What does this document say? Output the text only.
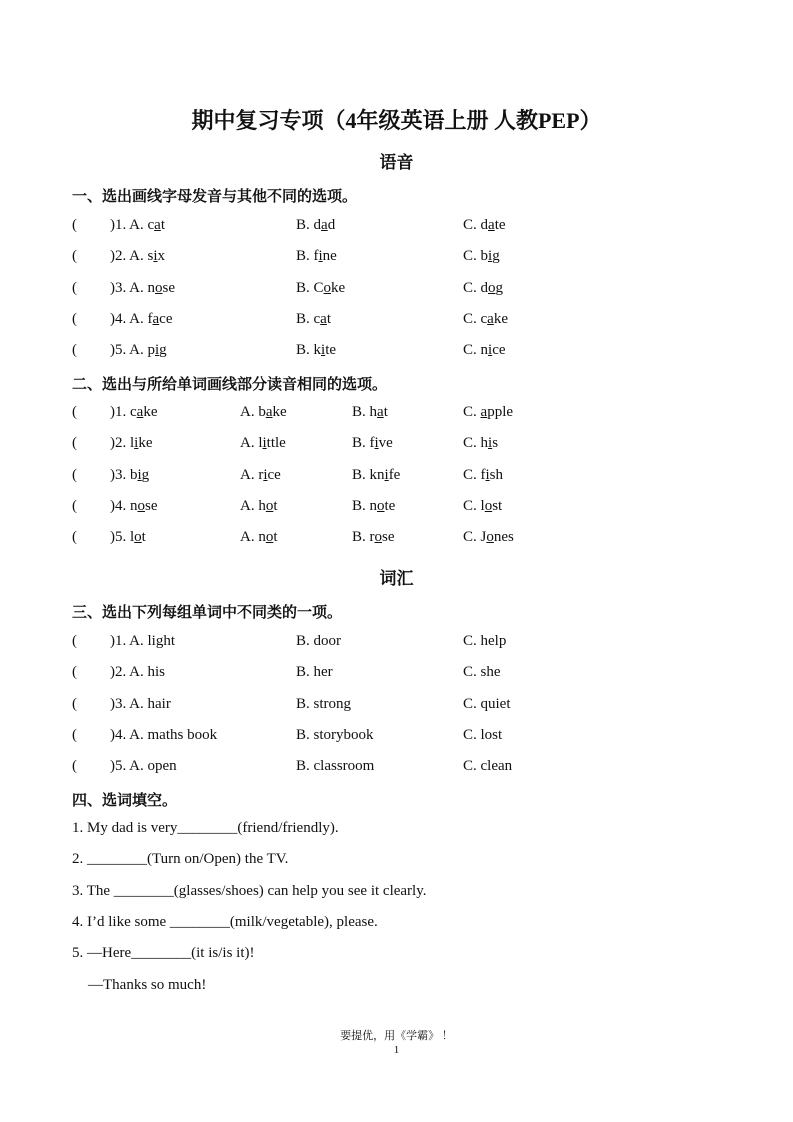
期中复习专项（4年级英语上册 人教PEP）
语音
一、选出画线字母发音与其他不同的选项。
二、选出与所给单词画线部分读音相同的选项。
词汇
三、选出下列每组单词中不同类的一项。
四、选词填空。
要提优，用《学霸》 ！
1
( )1. A. cat	B. dad	C. date
( )2. A. six	B. fine	C. big
( )3. A. nose	B. Coke	C. dog
( )4. A. face	B. cat	C. cake
( )5. A. pig	B. kite	C. nice
( )1. cake	A. bake	B. hat	C. apple
( )2. like	A. little	B. five	C. his
( )3. big	A. rice	B. knife	C. fish
( )4. nose	A. hot	B. note	C. lost
( )5. lot	A. not	B. rose	C. Jones
( )1. A. light	B. door	C. help
( )2. A. his	B. her	C. she
( )3. A. hair	B. strong	C. quiet
( )4. A. maths book	B. storybook	C. lost
( )5. A. open	B. classroom	C. clean
1. My dad is very________(friend/friendly).
2. ________(Turn on/Open) the TV.
3. The ________(glasses/shoes) can help you see it clearly.
4. I’d like some ________(milk/vegetable), please.
5. —Here________(it is/is it)!
—Thanks so much!
